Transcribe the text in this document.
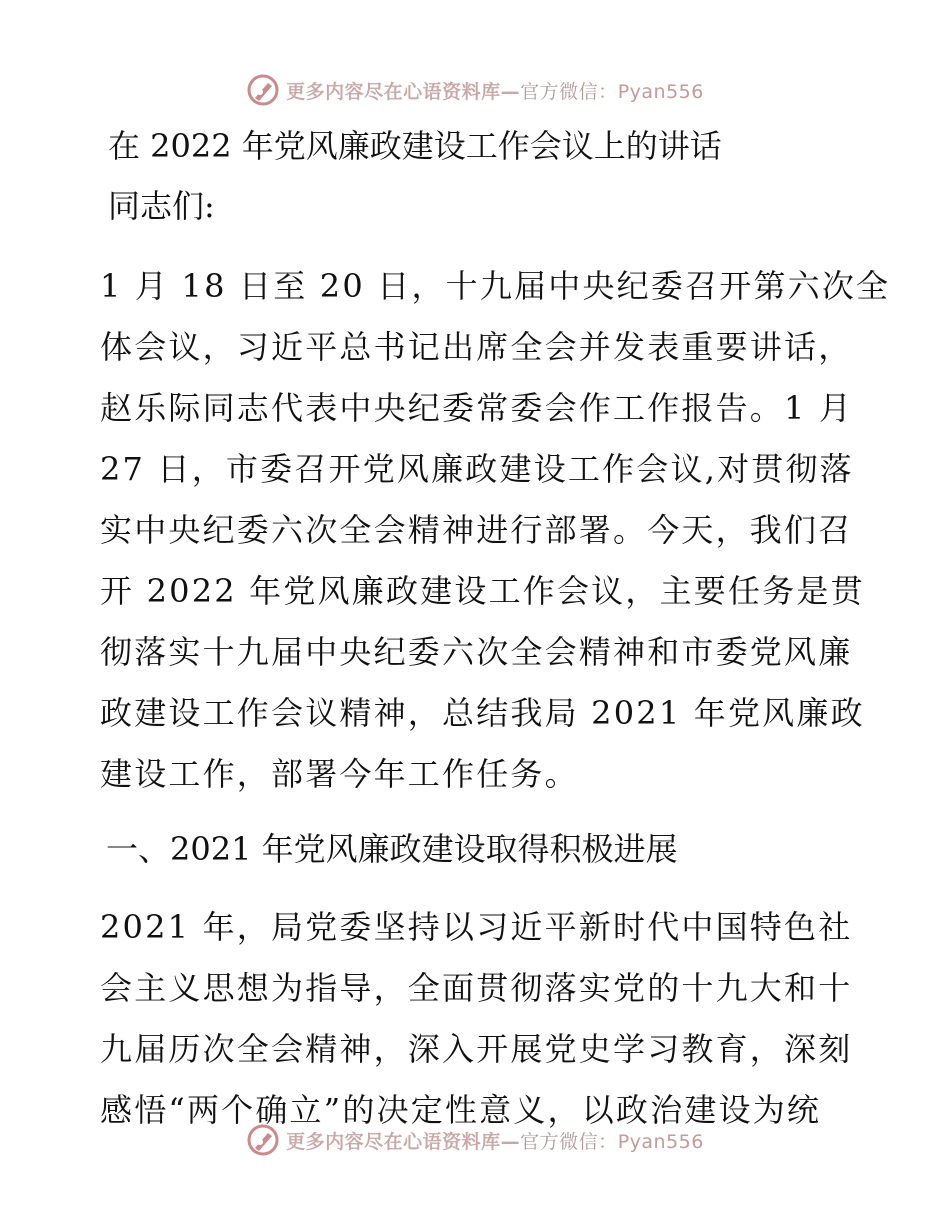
更多内容尽在心语资料库—官方微信：Pyan556
在 2022 年党风廉政建设工作会议上的讲话
同志们:
1 月 18 日至 20 日，十九届中央纪委召开第六次全
体会议，习近平总书记出席全会并发表重要讲话，
赵乐际同志代表中央纪委常委会作工作报告。1 月
27 日，市委召开党风廉政建设工作会议,对贯彻落
实中央纪委六次全会精神进行部署。今天，我们召
开 2022 年党风廉政建设工作会议，主要任务是贯
彻落实十九届中央纪委六次全会精神和市委党风廉
政建设工作会议精神，总结我局 2021 年党风廉政
建设工作，部署今年工作任务。
一、2021 年党风廉政建设取得积极进展
2021 年，局党委坚持以习近平新时代中国特色社
会主义思想为指导，全面贯彻落实党的十九大和十
九届历次全会精神，深入开展党史学习教育，深刻
感悟“两个确立”的决定性意义，以政治建设为统
更多内容尽在心语资料库—官方微信：Pyan556
